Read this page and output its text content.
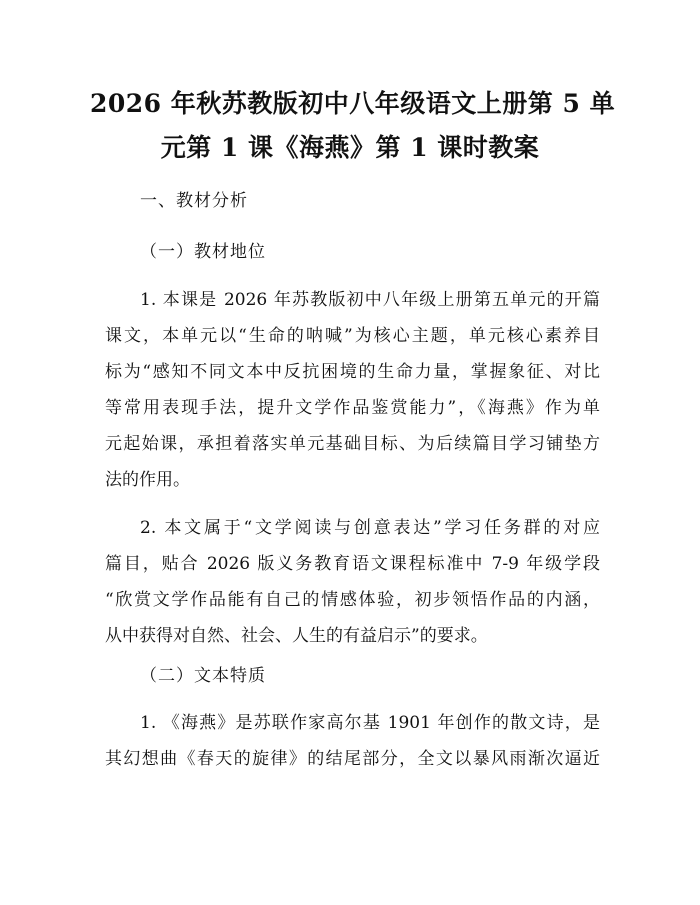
2026 年秋苏教版初中八年级语文上册第 5 单
元第 1 课《海燕》第 1 课时教案
一、教材分析
（一）教材地位
1. 本课是 2026 年苏教版初中八年级上册第五单元的开篇
课文，本单元以“生命的呐喊”为核心主题，单元核心素养目
标为“感知不同文本中反抗困境的生命力量，掌握象征、对比
等常用表现手法，提升文学作品鉴赏能力”，《海燕》作为单
元起始课，承担着落实单元基础目标、为后续篇目学习铺垫方
法的作用。
2. 本文属于“文学阅读与创意表达”学习任务群的对应
篇目，贴合 2026 版义务教育语文课程标准中 7-9 年级学段
“欣赏文学作品能有自己的情感体验，初步领悟作品的内涵，
从中获得对自然、社会、人生的有益启示”的要求。
（二）文本特质
1. 《海燕》是苏联作家高尔基 1901 年创作的散文诗，是
其幻想曲《春天的旋律》的结尾部分，全文以暴风雨渐次逼近
